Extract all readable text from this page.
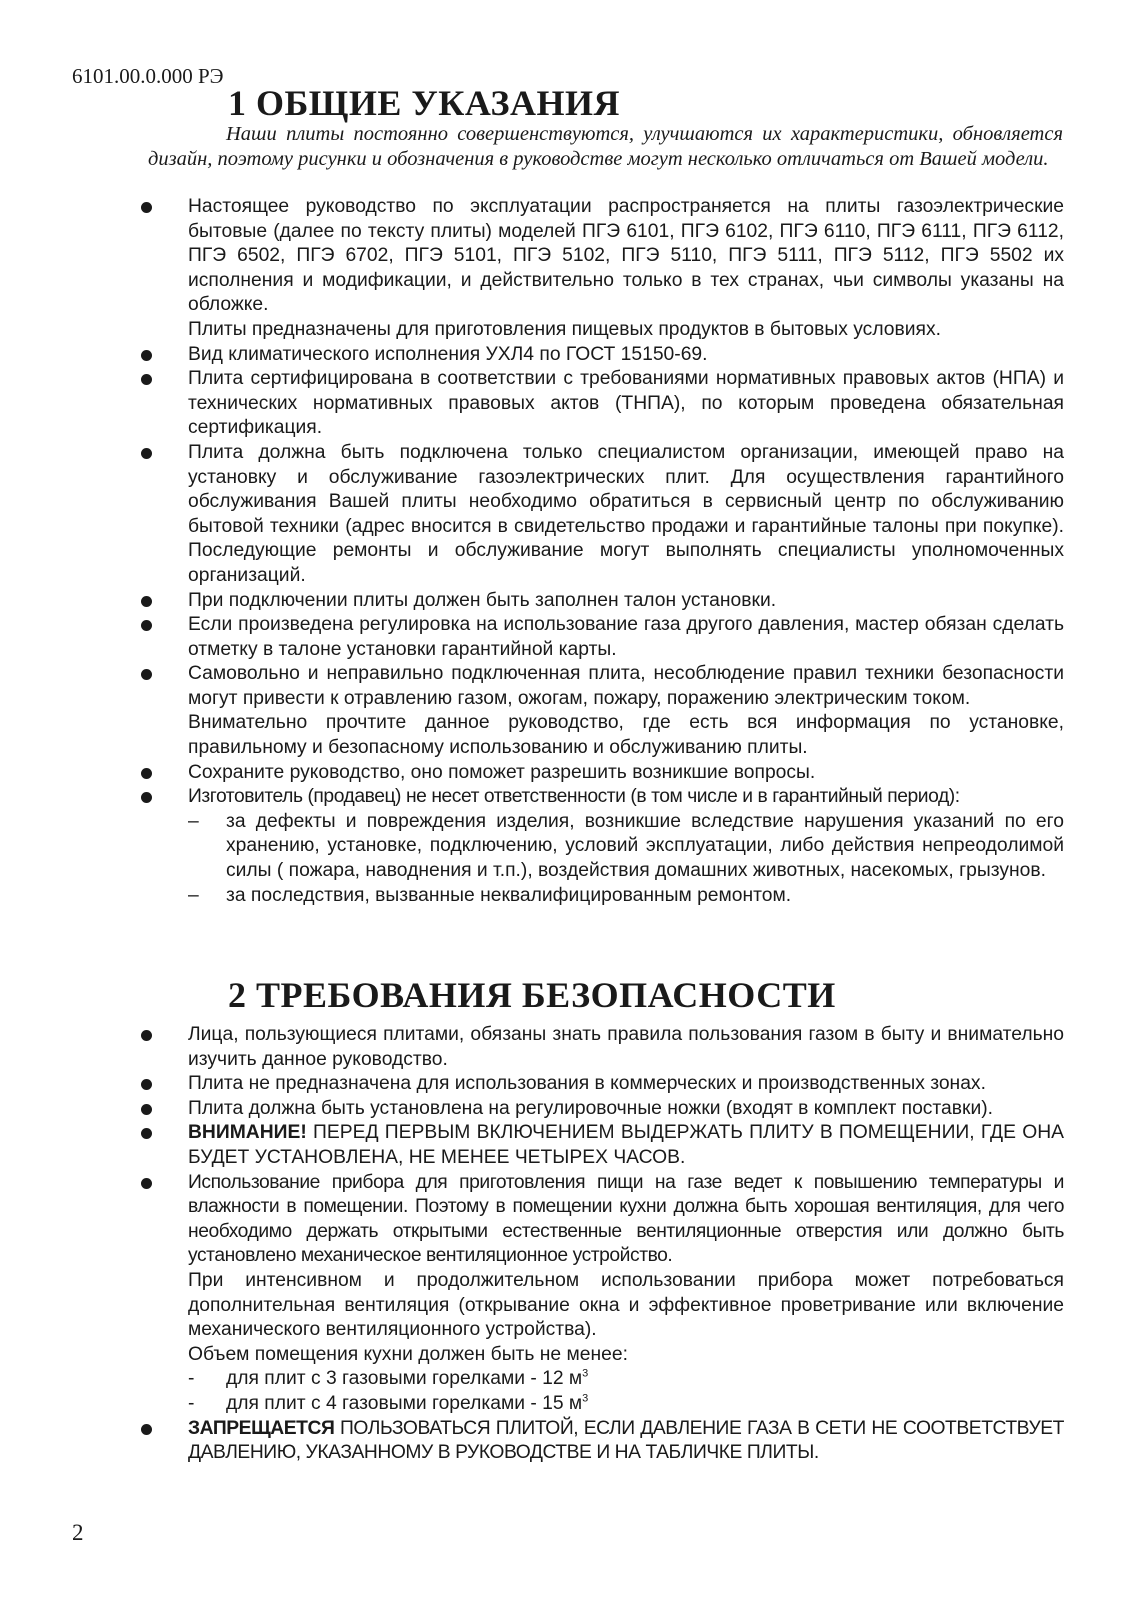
6101.00.0.000 РЭ
1 ОБЩИЕ УКАЗАНИЯ

Наши плиты постоянно совершенствуются, улучшаются их характеристики, обновляется дизайн, поэтому рисунки и обозначения в руководстве могут несколько отличаться от Вашей модели.

Настоящее руководство по эксплуатации распространяется на плиты газоэлектрические бытовые (далее по тексту плиты) моделей ПГЭ 6101, ПГЭ 6102, ПГЭ 6110, ПГЭ 6111, ПГЭ 6112, ПГЭ 6502, ПГЭ 6702, ПГЭ 5101, ПГЭ 5102, ПГЭ 5110, ПГЭ 5111, ПГЭ 5112, ПГЭ 5502 их исполнения и модификации, и действительно только в тех странах, чьи символы указаны на обложке.

Плиты предназначены для приготовления пищевых продуктов в бытовых условиях.

Вид климатического исполнения УХЛ4 по ГОСТ 15150-69.

Плита сертифицирована в соответствии с требованиями нормативных правовых актов (НПА) и технических нормативных правовых актов (ТНПА), по которым проведена обязательная сертификация.

Плита должна быть подключена только специалистом организации, имеющей право на установку и обслуживание газоэлектрических плит. Для осуществления гарантийного обслуживания Вашей плиты необходимо обратиться в сервисный центр по обслуживанию бытовой техники (адрес вносится в свидетельство продажи и гарантийные талоны при покупке). Последующие ремонты и обслуживание могут выполнять специалисты уполномоченных организаций.

При подключении плиты должен быть заполнен талон установки.

Если произведена регулировка на использование газа другого давления, мастер обязан сделать отметку в талоне установки гарантийной карты.

Самовольно и неправильно подключенная плита, несоблюдение правил техники безопасности могут привести к отравлению газом, ожогам, пожару, поражению электрическим током.

Внимательно прочтите данное руководство, где есть вся информация по установке, правильному и безопасному использованию и обслуживанию плиты.

Сохраните руководство, оно поможет разрешить возникшие вопросы.

Изготовитель (продавец) не несет ответственности (в том числе и в гарантийный период):

– за дефекты и повреждения изделия, возникшие вследствие нарушения указаний по его хранению, установке, подключению, условий эксплуатации, либо действия непреодолимой силы ( пожара, наводнения и т.п.), воздействия домашних животных, насекомых, грызунов.

– за последствия, вызванные неквалифицированным ремонтом.

2 ТРЕБОВАНИЯ БЕЗОПАСНОСТИ

Лица, пользующиеся плитами, обязаны знать правила пользования газом в быту и внимательно изучить данное руководство.

Плита не предназначена для использования в коммерческих и производственных зонах.

Плита должна быть установлена на регулировочные ножки (входят в комплект поставки).

ВНИМАНИЕ! ПЕРЕД ПЕРВЫМ ВКЛЮЧЕНИЕМ ВЫДЕРЖАТЬ ПЛИТУ В ПОМЕЩЕНИИ, ГДЕ ОНА БУДЕТ УСТАНОВЛЕНА, НЕ МЕНЕЕ ЧЕТЫРЕХ ЧАСОВ.

Использование прибора для приготовления пищи на газе ведет к повышению температуры и влажности в помещении. Поэтому в помещении кухни должна быть хорошая вентиляция, для чего необходимо держать открытыми естественные вентиляционные отверстия или должно быть установлено механическое вентиляционное устройство.

При интенсивном и продолжительном использовании прибора может потребоваться дополнительная вентиляция (открывание окна и эффективное проветривание или включение механического вентиляционного устройства).

Объем помещения кухни должен быть не менее:

- для плит с 3 газовыми горелками - 12 $м^3$

- для плит с 4 газовыми горелками - 15 $м^3$

ЗАПРЕЩАЕТСЯ ПОЛЬЗОВАТЬСЯ ПЛИТОЙ, ЕСЛИ ДАВЛЕНИЕ ГАЗА В СЕТИ НЕ СООТВЕТСТВУЕТ ДАВЛЕНИЮ, УКАЗАННОМУ В РУКОВОДСТВЕ И НА ТАБЛИЧКЕ ПЛИТЫ.

2
